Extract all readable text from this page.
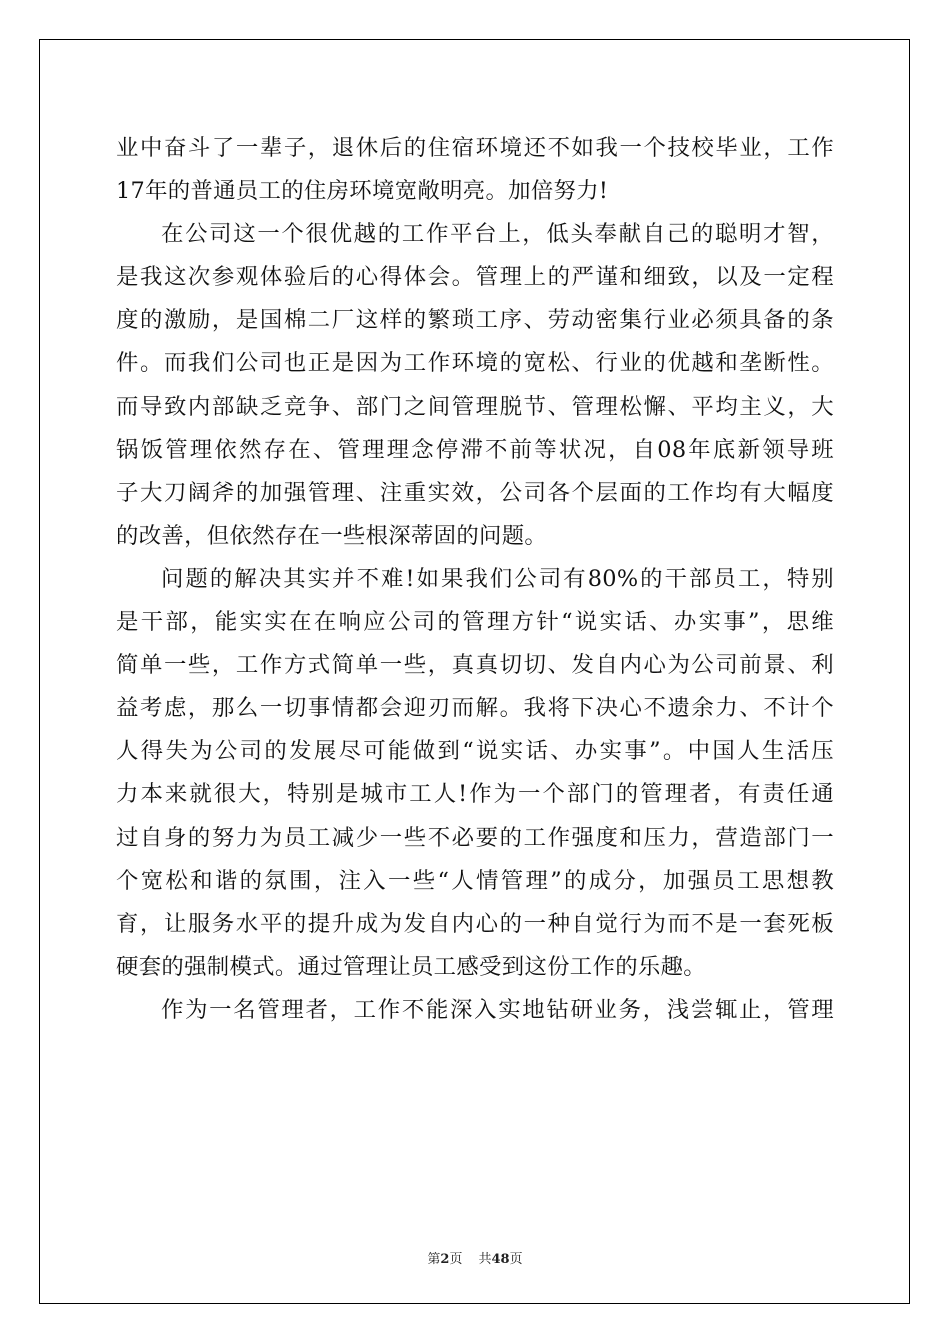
业中奋斗了一辈子，退休后的住宿环境还不如我一个技校毕业，工作
17年的普通员工的住房环境宽敞明亮。加倍努力!
在公司这一个很优越的工作平台上，低头奉献自己的聪明才智，
是我这次参观体验后的心得体会。管理上的严谨和细致，以及一定程
度的激励，是国棉二厂这样的繁琐工序、劳动密集行业必须具备的条
件。而我们公司也正是因为工作环境的宽松、行业的优越和垄断性。
而导致内部缺乏竞争、部门之间管理脱节、管理松懈、平均主义，大
锅饭管理依然存在、管理理念停滞不前等状况，自08年底新领导班
子大刀阔斧的加强管理、注重实效，公司各个层面的工作均有大幅度
的改善，但依然存在一些根深蒂固的问题。
问题的解决其实并不难!如果我们公司有80%的干部员工，特别
是干部，能实实在在响应公司的管理方针“说实话、办实事”，思维
简单一些，工作方式简单一些，真真切切、发自内心为公司前景、利
益考虑，那么一切事情都会迎刃而解。我将下决心不遗余力、不计个
人得失为公司的发展尽可能做到“说实话、办实事”。中国人生活压
力本来就很大，特别是城市工人!作为一个部门的管理者，有责任通
过自身的努力为员工减少一些不必要的工作强度和压力，营造部门一
个宽松和谐的氛围，注入一些“人情管理”的成分，加强员工思想教
育，让服务水平的提升成为发自内心的一种自觉行为而不是一套死板
硬套的强制模式。通过管理让员工感受到这份工作的乐趣。
作为一名管理者，工作不能深入实地钻研业务，浅尝辄止，管理
第2页 共48页
